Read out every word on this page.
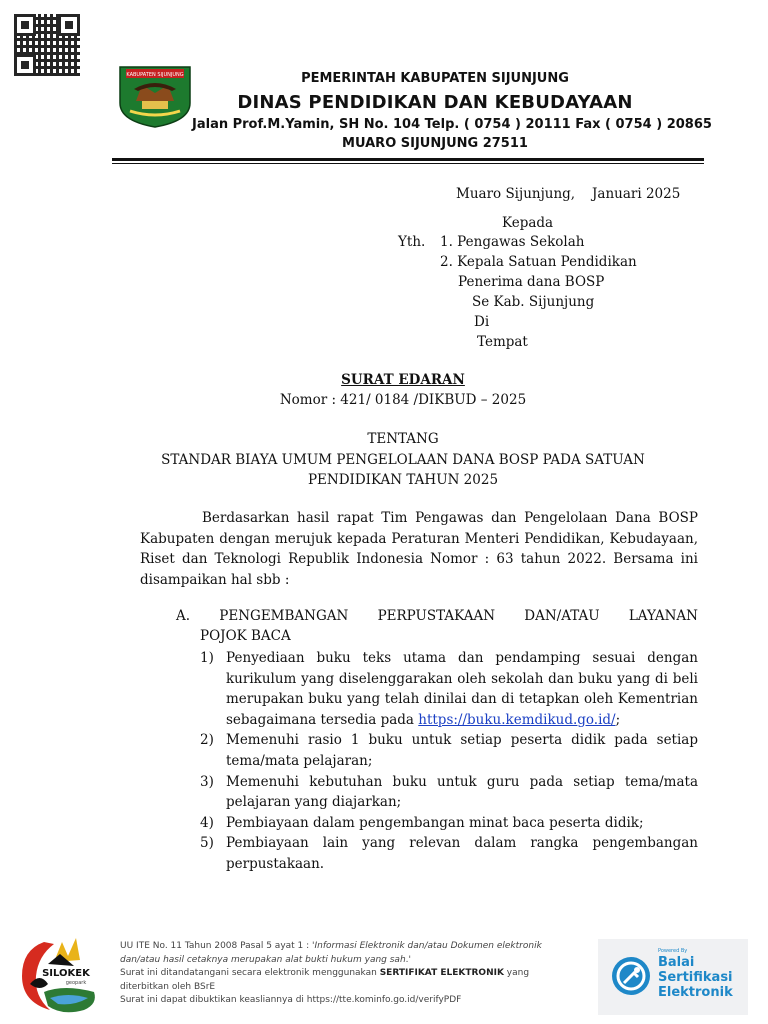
KABUPATEN SIJUNJUNG	PEMERINTAH KABUPATEN SIJUNJUNG
DINAS PENDIDIKAN DAN KEBUDAYAAN
Jalan Prof.M.Yamin, SH No. 104 Telp. ( 0754 ) 20111 Fax ( 0754 ) 20865
MUARO SIJUNJUNG 27511
Muaro Sijunjung, Januari 2025
Kepada
Yth. 1. Pengawas Sekolah
2. Kepala Satuan Pendidikan
Penerima dana BOSP
Se Kab. Sijunjung
Di
Tempat
SURAT EDARAN
Nomor : 421/ 0184 /DIKBUD – 2025
TENTANG
STANDAR BIAYA UMUM PENGELOLAAN DANA BOSP PADA SATUAN
PENDIDIKAN TAHUN 2025
Berdasarkan hasil rapat Tim Pengawas dan Pengelolaan Dana BOSP Kabupaten dengan merujuk kepada Peraturan Menteri Pendidikan, Kebudayaan, Riset dan Teknologi Republik Indonesia Nomor : 63 tahun 2022. Bersama ini disampaikan hal sbb :
A. PENGEMBANGAN PERPUSTAKAAN DAN/ATAU LAYANAN
POJOK BACA
1) Penyediaan buku teks utama dan pendamping sesuai dengan kurikulum yang diselenggarakan oleh sekolah dan buku yang di beli merupakan buku yang telah dinilai dan di tetapkan oleh Kementrian sebagaimana tersedia pada https://buku.kemdikud.go.id/;
2) Memenuhi rasio 1 buku untuk setiap peserta didik pada setiap tema/mata pelajaran;
3) Memenuhi kebutuhan buku untuk guru pada setiap tema/mata pelajaran yang diajarkan;
4) Pembiayaan dalam pengembangan minat baca peserta didik;
5) Pembiayaan lain yang relevan dalam rangka pengembangan perpustakaan.
SILOKEK
geopark
UU ITE No. 11 Tahun 2008 Pasal 5 ayat 1 : 'Informasi Elektronik dan/atau Dokumen elektronik
dan/atau hasil cetaknya merupakan alat bukti hukum yang sah.'
Surat ini ditandatangani secara elektronik menggunakan SERTIFIKAT ELEKTRONIK yang
diterbitkan oleh BSrE
Surat ini dapat dibuktikan keasliannya di https://tte.kominfo.go.id/verifyPDF
Powered By
Balai
Sertifikasi
Elektronik
